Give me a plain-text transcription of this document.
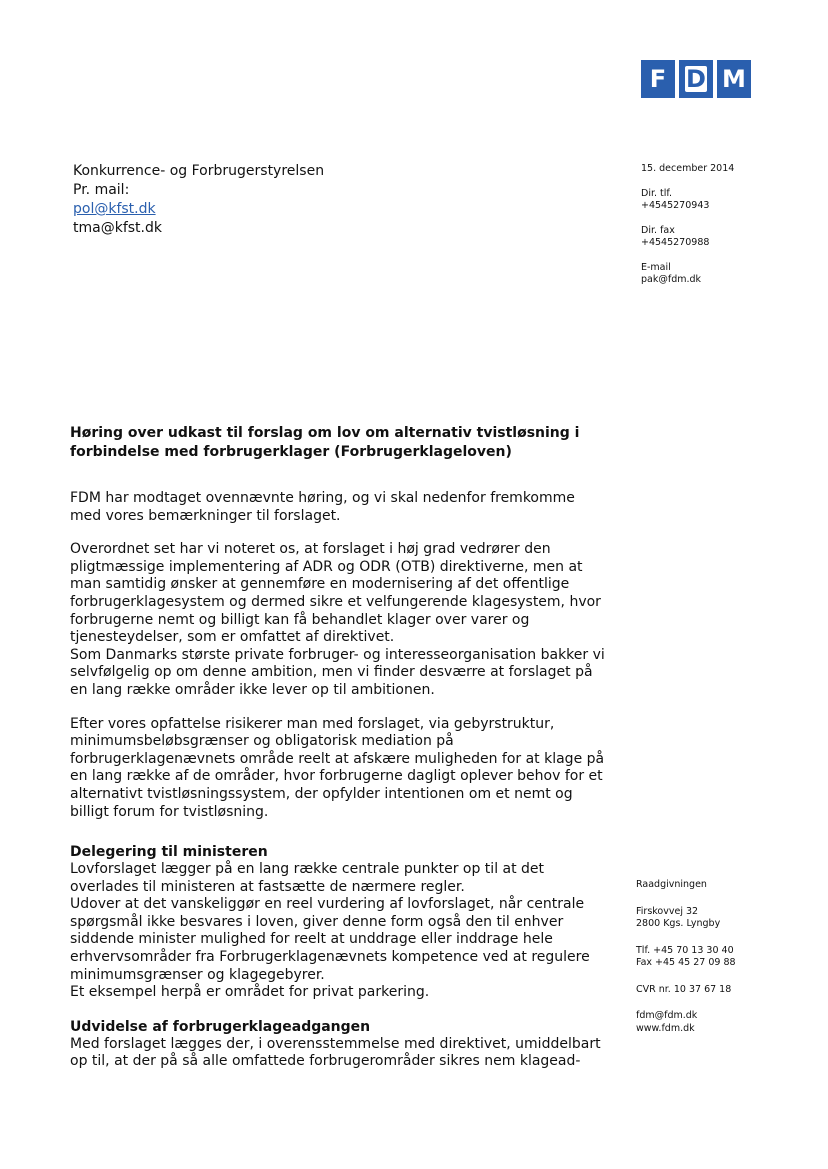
F D M
Konkurrence- og Forbrugerstyrelsen
Pr. mail:
pol@kfst.dk
tma@kfst.dk
15. december 2014
Dir. tlf.
+4545270943
Dir. fax
+4545270988
E-mail
pak@fdm.dk
Høring over udkast til forslag om lov om alternativ tvistløsning i forbindelse med forbrugerklager (Forbrugerklageloven)

FDM har modtaget ovennævnte høring, og vi skal nedenfor fremkomme med vores bemærkninger til forslaget.

Overordnet set har vi noteret os, at forslaget i høj grad vedrører den pligtmæssige implementering af ADR og ODR (OTB) direktiverne, men at man samtidig ønsker at gennemføre en modernisering af det offentlige forbrugerklagesystem og dermed sikre et velfungerende klagesystem, hvor forbrugerne nemt og billigt kan få behandlet klager over varer og tjenesteydelser, som er omfattet af direktivet.

Som Danmarks største private forbruger- og interesseorganisation bakker vi selvfølgelig op om denne ambition, men vi finder desværre at forslaget på en lang række områder ikke lever op til ambitionen.

Efter vores opfattelse risikerer man med forslaget, via gebyrstruktur, minimumsbeløbsgrænser og obligatorisk mediation på forbrugerklagenævnets område reelt at afskære muligheden for at klage på en lang række af de områder, hvor forbrugerne dagligt oplever behov for et alternativt tvistløsningssystem, der opfylder intentionen om et nemt og billigt forum for tvistløsning.

Delegering til ministeren

Lovforslaget lægger på en lang række centrale punkter op til at det overlades til ministeren at fastsætte de nærmere regler.

Udover at det vanskeliggør en reel vurdering af lovforslaget, når centrale spørgsmål ikke besvares i loven, giver denne form også den til enhver siddende minister mulighed for reelt at unddrage eller inddrage hele erhvervsområder fra Forbrugerklagenævnets kompetence ved at regulere minimumsgrænser og klagegebyrer.

Et eksempel herpå er området for privat parkering.

Udvidelse af forbrugerklageadgangen

Med forslaget lægges der, i overensstemmelse med direktivet, umiddelbart op til, at der på så alle omfattede forbrugerområder sikres nem klagead-

Raadgivningen
Firskovvej 32
2800 Kgs. Lyngby
Tlf. +45 70 13 30 40
Fax +45 45 27 09 88
CVR nr. 10 37 67 18
fdm@fdm.dk
www.fdm.dk
